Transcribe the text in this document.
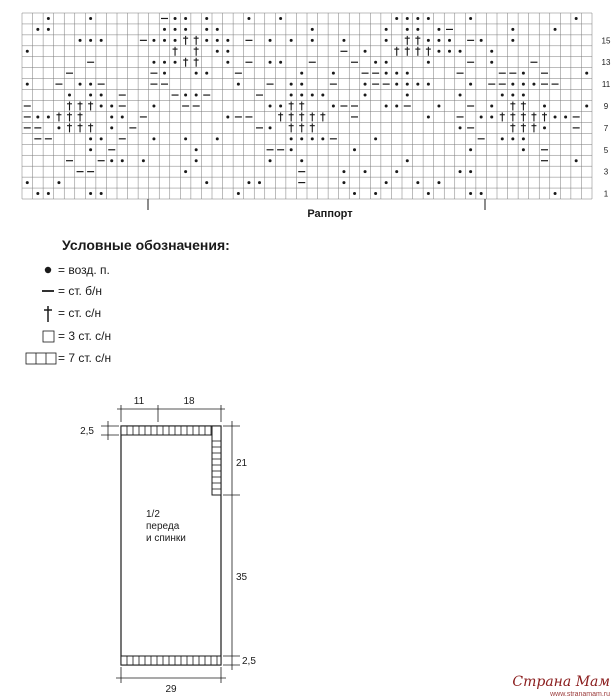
1
3
5
7
9
11
13
15
Раппорт
Условные обозначения:
= возд. п.
= ст. б/н
= ст. с/н
= 3 ст. с/н
= 7 ст. с/н
1/2
переда
и спинки
11	18
2,5
21
35
2,5
29	Страна Мам
www.stranamam.ru
